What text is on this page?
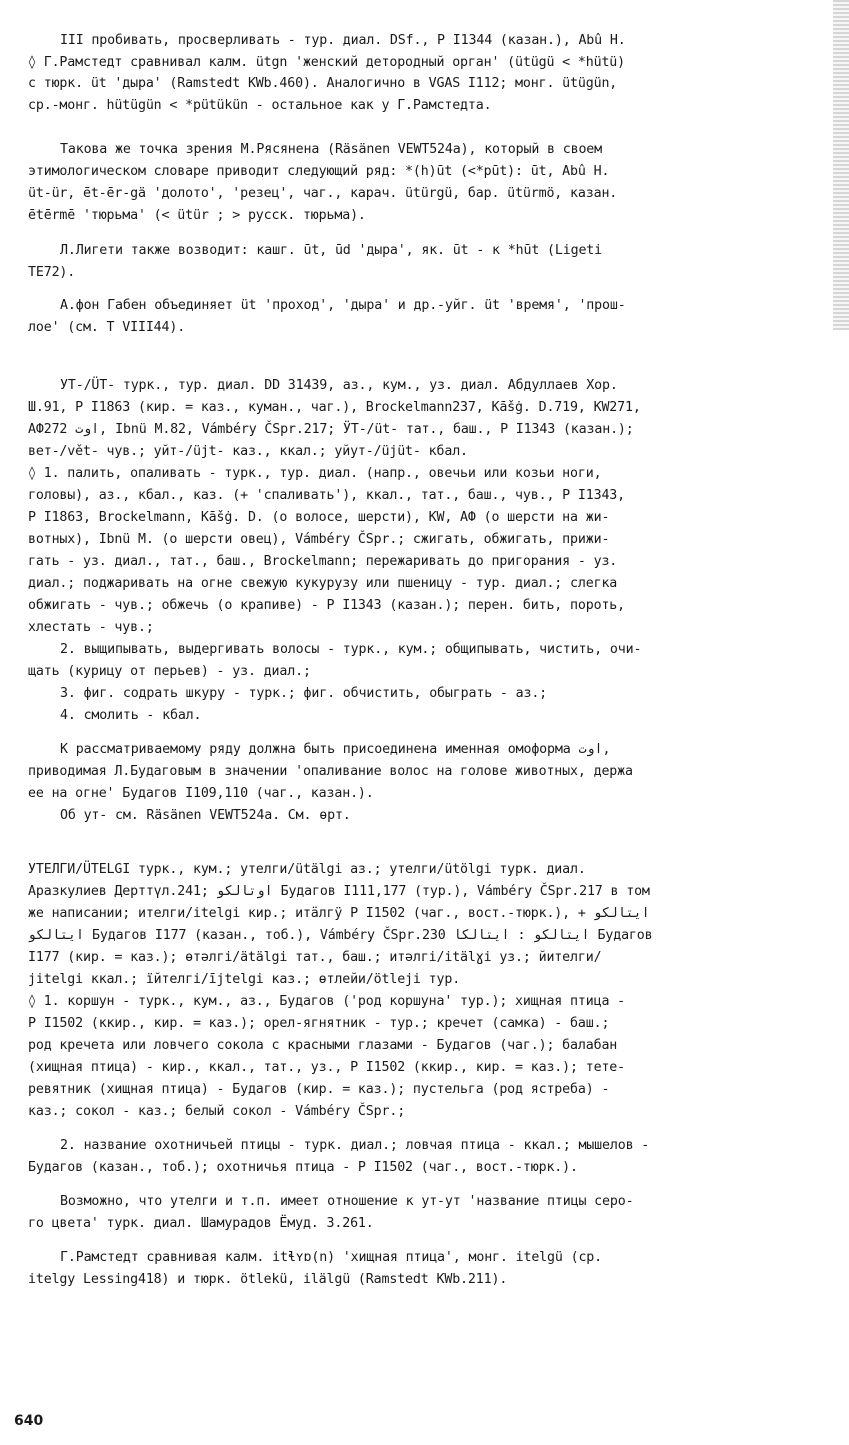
III пробивать, просверливать - тур. диал. DSf., P I1344 (казан.), Abû H.
◊ Г.Рамстедт сравнивал калм. ütgn 'женский детородный орган' (ütügü < *hütü)
с тюрк. üt 'дыра' (Ramstedt KWb.460). Аналогично в VGAS I112; монг. ütügün,
ср.-монг. hütügün < *pütükün - остальное как у Г.Рамстедта.
Такова же точка зрения М.Рясянена (Räsänen VEWT524a), который в своем
этимологическом словаре приводит следующий ряд: *(h)ūt (<*pūt): ūt, Abû H.
üt-ür, ēt-ēr-gä 'долото', 'резец', чаг., карач. ütürgü, бар. ütürmö, казан.
ētērmē 'тюрьма' (< ütür ; > русск. тюрьма).
Л.Лигети также возводит: кашг. ūt, ūd 'дыра', як. ūt - к *hūt (Ligeti
TE72).
А.фон Габен объединяет üt 'проход', 'дыра' и др.-уйг. üt 'время', 'прош-
лое' (см. Т VIII44).
УТ-/ÜТ- турк., тур. диал. DD 31439, аз., кум., уз. диал. Абдуллаев Хор.
Ш.91, P I1863 (кир. = каз., куман., чаг.), Brockelmann237, Kāšġ. D.719, KW271,
АФ272 اوت, Ibnü M.82, Vámbéry ČSpr.217; ӰТ-/üt- тат., баш., P I1343 (казан.);
вет-/vět- чув.; уйт-/üjt- каз., ккал.; уйут-/üjüt- кбал.
◊ 1. палить, опаливать - турк., тур. диал. (напр., овечьи или козьи ноги,
головы), аз., кбал., каз. (+ 'спаливать'), ккал., тат., баш., чув., P I1343,
P I1863, Brockelmann, Kāšġ. D. (о волосе, шерсти), KW, АФ (о шерсти на жи-
вотных), Ibnü M. (о шерсти овец), Vámbéry ČSpr.; сжигать, обжигать, прижи-
гать - уз. диал., тат., баш., Brockelmann; пережаривать до пригорания - уз.
диал.; поджаривать на огне свежую кукурузу или пшеницу - тур. диал.; слегка
обжигать - чув.; обжечь (о крапиве) - P I1343 (казан.); перен. бить, пороть,
хлестать - чув.;
2. выщипывать, выдергивать волосы - турк., кум.; общипывать, чистить, очи-
щать (курицу от перьев) - уз. диал.;
3. фиг. содрать шкуру - турк.; фиг. обчистить, обыграть - аз.;
4. смолить - кбал.
К рассматриваемому ряду должна быть присоединена именная омоформа اوت,
приводимая Л.Будаговым в значении 'опаливание волос на голове животных, держа
ее на огне' Будагов I109,110 (чаг., казан.).
Об ут- см. Räsänen VEWT524a. См. өрт.
УТЕЛГИ/ÜTELGI турк., кум.; утелги/ütälgi аз.; утелги/ütölgi турк. диал.
Аразкулиев Дерттүл.241; اوتالكو Будагов I111,177 (тур.), Vámbéry ČSpr.217 в том
же написании; ителги/itelgi кир.; итӓлгӱ P I1502 (чаг., вост.-тюрк.), + ايتالكو
ايتالكو Будагов I177 (казан., тоб.), Vámbéry ČSpr.230 ايتالكو : ايتالكا Будагов
I177 (кир. = каз.); өтәлгі/ätälgi тат., баш.; итәлгі/itälɣi уз.; йителги/
jitelgi ккал.; їйтелгі/ījtelgi каз.; өтлейи/ötleji тур.
◊ 1. коршун - турк., кум., аз., Будагов ('род коршуна' тур.); хищная птица -
P I1502 (ккир., кир. = каз.); орел-ягнятник - тур.; кречет (самка) - баш.;
род кречета или ловчего сокола с красными глазами - Будагов (чаг.); балабан
(хищная птица) - кир., ккал., тат., уз., P I1502 (ккир., кир. = каз.); тете-
ревятник (хищная птица) - Будагов (кир. = каз.); пустельга (род ястреба) -
каз.; сокол - каз.; белый сокол - Vámbéry ČSpr.;
2. название охотничьей птицы - турк. диал.; ловчая птица - ккал.; мышелов -
Будагов (казан., тоб.); охотничья птица - P I1502 (чаг., вост.-тюрк.).
Возможно, что утелги и т.п. имеет отношение к ут-ут 'название птицы серо-
го цвета' турк. диал. Шамурадов Ёмуд. З.261.
Г.Рамстедт сравнивая калм. itɬʏɒ(n) 'хищная птица', монг. itelgü (ср.
itelgy Lessing418) и тюрк. ötlekü, ilälgü (Ramstedt KWb.211).
640
